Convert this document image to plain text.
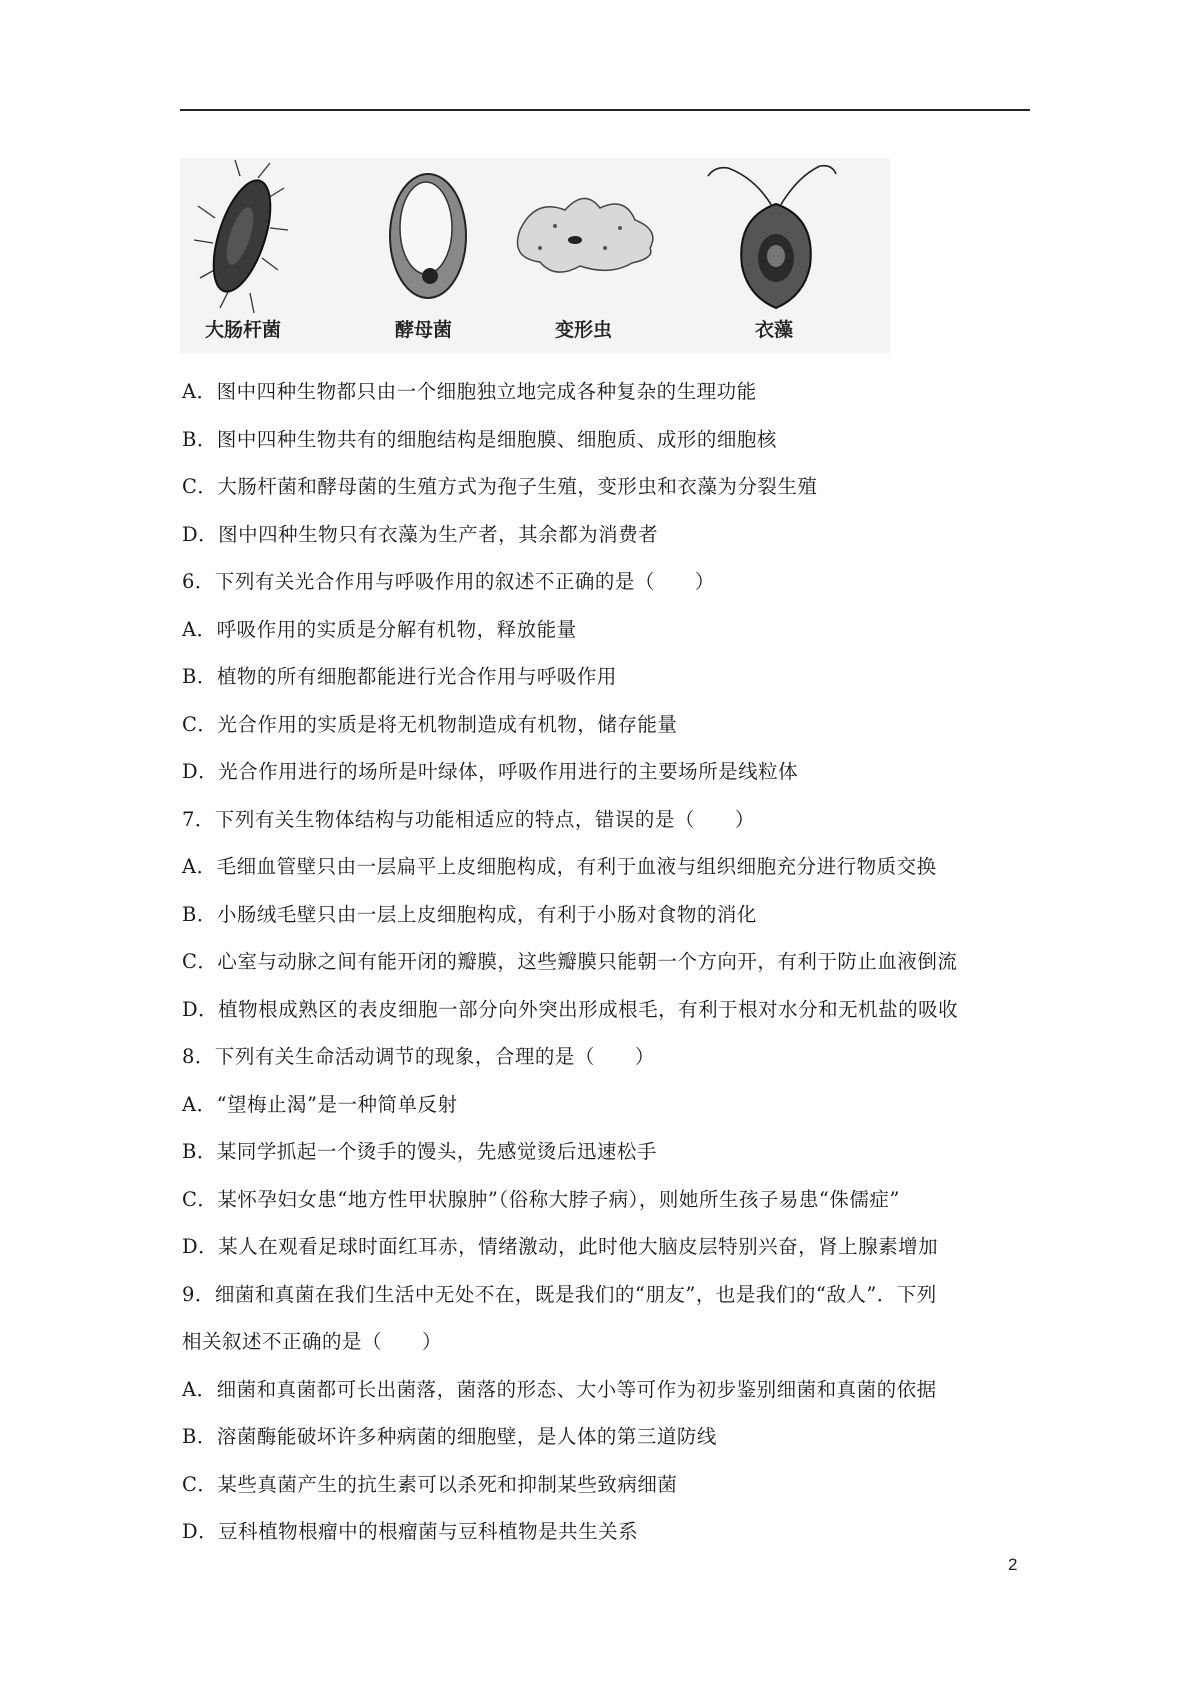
大肠杆菌	酵母菌	变形虫	衣藻
A．图中四种生物都只由一个细胞独立地完成各种复杂的生理功能
B．图中四种生物共有的细胞结构是细胞膜、细胞质、成形的细胞核
C．大肠杆菌和酵母菌的生殖方式为孢子生殖，变形虫和衣藻为分裂生殖
D．图中四种生物只有衣藻为生产者，其余都为消费者
6．下列有关光合作用与呼吸作用的叙述不正确的是（　　）
A．呼吸作用的实质是分解有机物，释放能量
B．植物的所有细胞都能进行光合作用与呼吸作用
C．光合作用的实质是将无机物制造成有机物，储存能量
D．光合作用进行的场所是叶绿体，呼吸作用进行的主要场所是线粒体
7．下列有关生物体结构与功能相适应的特点，错误的是（　　）
A．毛细血管壁只由一层扁平上皮细胞构成，有利于血液与组织细胞充分进行物质交换
B．小肠绒毛壁只由一层上皮细胞构成，有利于小肠对食物的消化
C．心室与动脉之间有能开闭的瓣膜，这些瓣膜只能朝一个方向开，有利于防止血液倒流
D．植物根成熟区的表皮细胞一部分向外突出形成根毛，有利于根对水分和无机盐的吸收
8．下列有关生命活动调节的现象，合理的是（　　）
A．“望梅止渴”是一种简单反射
B．某同学抓起一个烫手的馒头，先感觉烫后迅速松手
C．某怀孕妇女患“地方性甲状腺肿”（俗称大脖子病），则她所生孩子易患“侏儒症”
D．某人在观看足球时面红耳赤，情绪激动，此时他大脑皮层特别兴奋，肾上腺素增加
9．细菌和真菌在我们生活中无处不在，既是我们的“朋友”，也是我们的“敌人”．下列
相关叙述不正确的是（　　）
A．细菌和真菌都可长出菌落，菌落的形态、大小等可作为初步鉴别细菌和真菌的依据
B．溶菌酶能破坏许多种病菌的细胞壁，是人体的第三道防线
C．某些真菌产生的抗生素可以杀死和抑制某些致病细菌
D．豆科植物根瘤中的根瘤菌与豆科植物是共生关系
2
